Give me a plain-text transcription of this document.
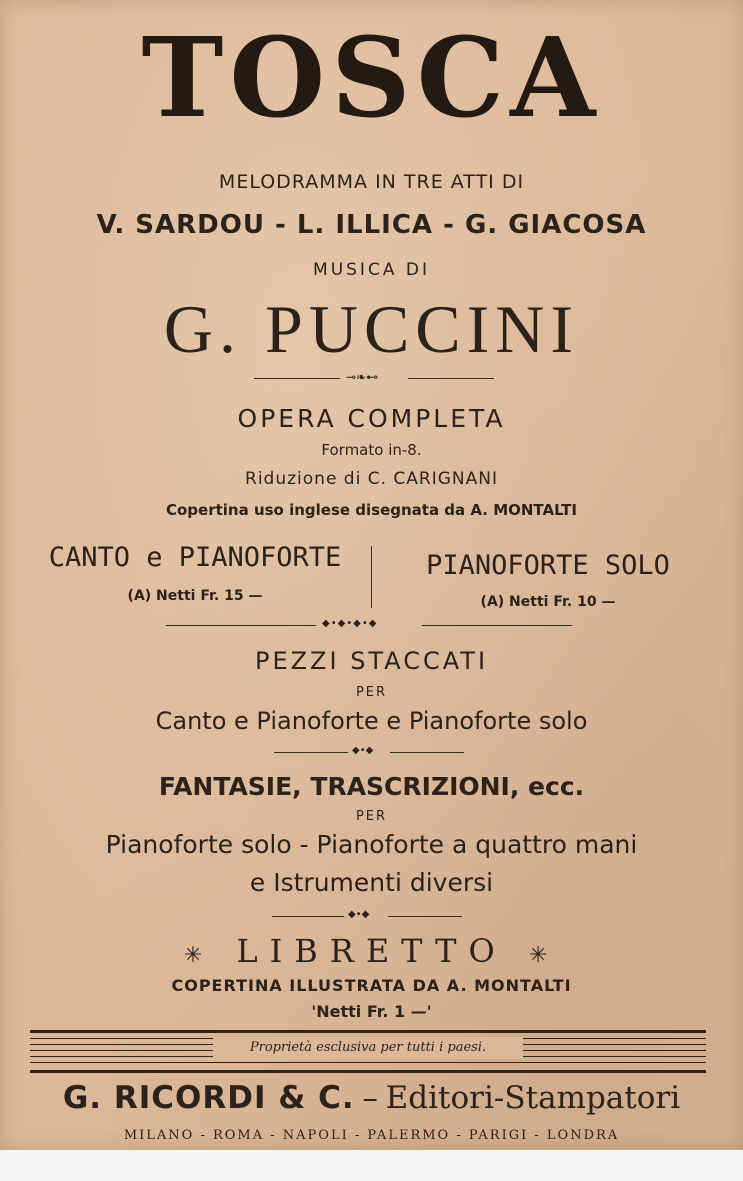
TOSCA
MELODRAMMA IN TRE ATTI DI
V. SARDOU - L. ILLICA - G. GIACOSA
MUSICA DI
G. PUCCINI
⊸❧⊷
OPERA COMPLETA
Formato in-8.
Riduzione di C. CARIGNANI
Copertina uso inglese disegnata da A. MONTALTI
CANTO e PIANOFORTE
(A) Netti Fr. 15 —
PIANOFORTE SOLO
(A) Netti Fr. 10 —
◆•◆•◆•◆
PEZZI STACCATI
PER
Canto e Pianoforte e Pianoforte solo
◆•◆
FANTASIE, TRASCRIZIONI, ecc.
PER
Pianoforte solo - Pianoforte a quattro mani
e Istrumenti diversi
◆•◆
✳ LIBRETTO ✳
COPERTINA ILLUSTRATA DA A. MONTALTI
'Netti Fr. 1 —'
Proprietà esclusiva per tutti i paesi.
G. RICORDI & C. – Editori-Stampatori
MILANO - ROMA - NAPOLI - PALERMO - PARIGI - LONDRA
